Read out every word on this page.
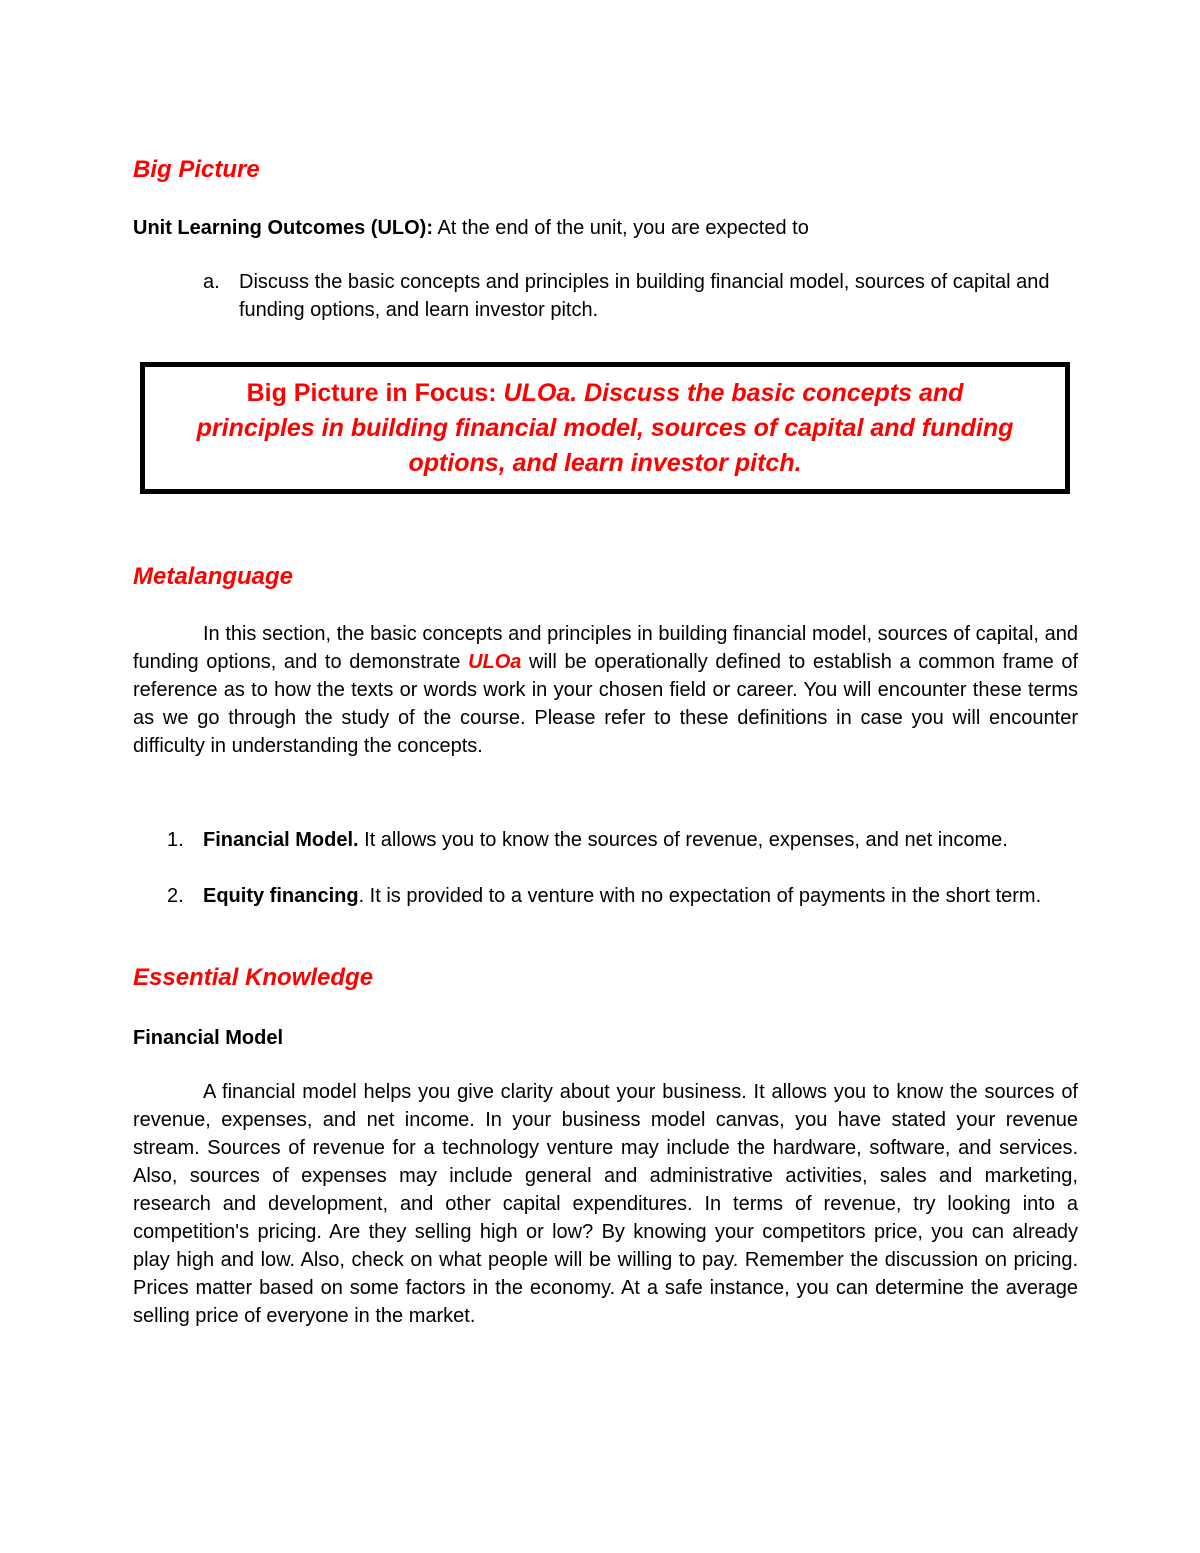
Big Picture
Unit Learning Outcomes (ULO): At the end of the unit, you are expected to
a. Discuss the basic concepts and principles in building financial model, sources of capital and funding options, and learn investor pitch.
Big Picture in Focus: ULOa. Discuss the basic concepts and principles in building financial model, sources of capital and funding options, and learn investor pitch.
Metalanguage

In this section, the basic concepts and principles in building financial model, sources of capital, and funding options, and to demonstrate ULOa will be operationally defined to establish a common frame of reference as to how the texts or words work in your chosen field or career. You will encounter these terms as we go through the study of the course. Please refer to these definitions in case you will encounter difficulty in understanding the concepts.

1. Financial Model. It allows you to know the sources of revenue, expenses, and net income.
2. Equity financing. It is provided to a venture with no expectation of payments in the short term.
Essential Knowledge
Financial Model

A financial model helps you give clarity about your business. It allows you to know the sources of revenue, expenses, and net income. In your business model canvas, you have stated your revenue stream. Sources of revenue for a technology venture may include the hardware, software, and services. Also, sources of expenses may include general and administrative activities, sales and marketing, research and development, and other capital expenditures. In terms of revenue, try looking into a competition's pricing. Are they selling high or low? By knowing your competitors price, you can already play high and low. Also, check on what people will be willing to pay. Remember the discussion on pricing. Prices matter based on some factors in the economy. At a safe instance, you can determine the average selling price of everyone in the market.
